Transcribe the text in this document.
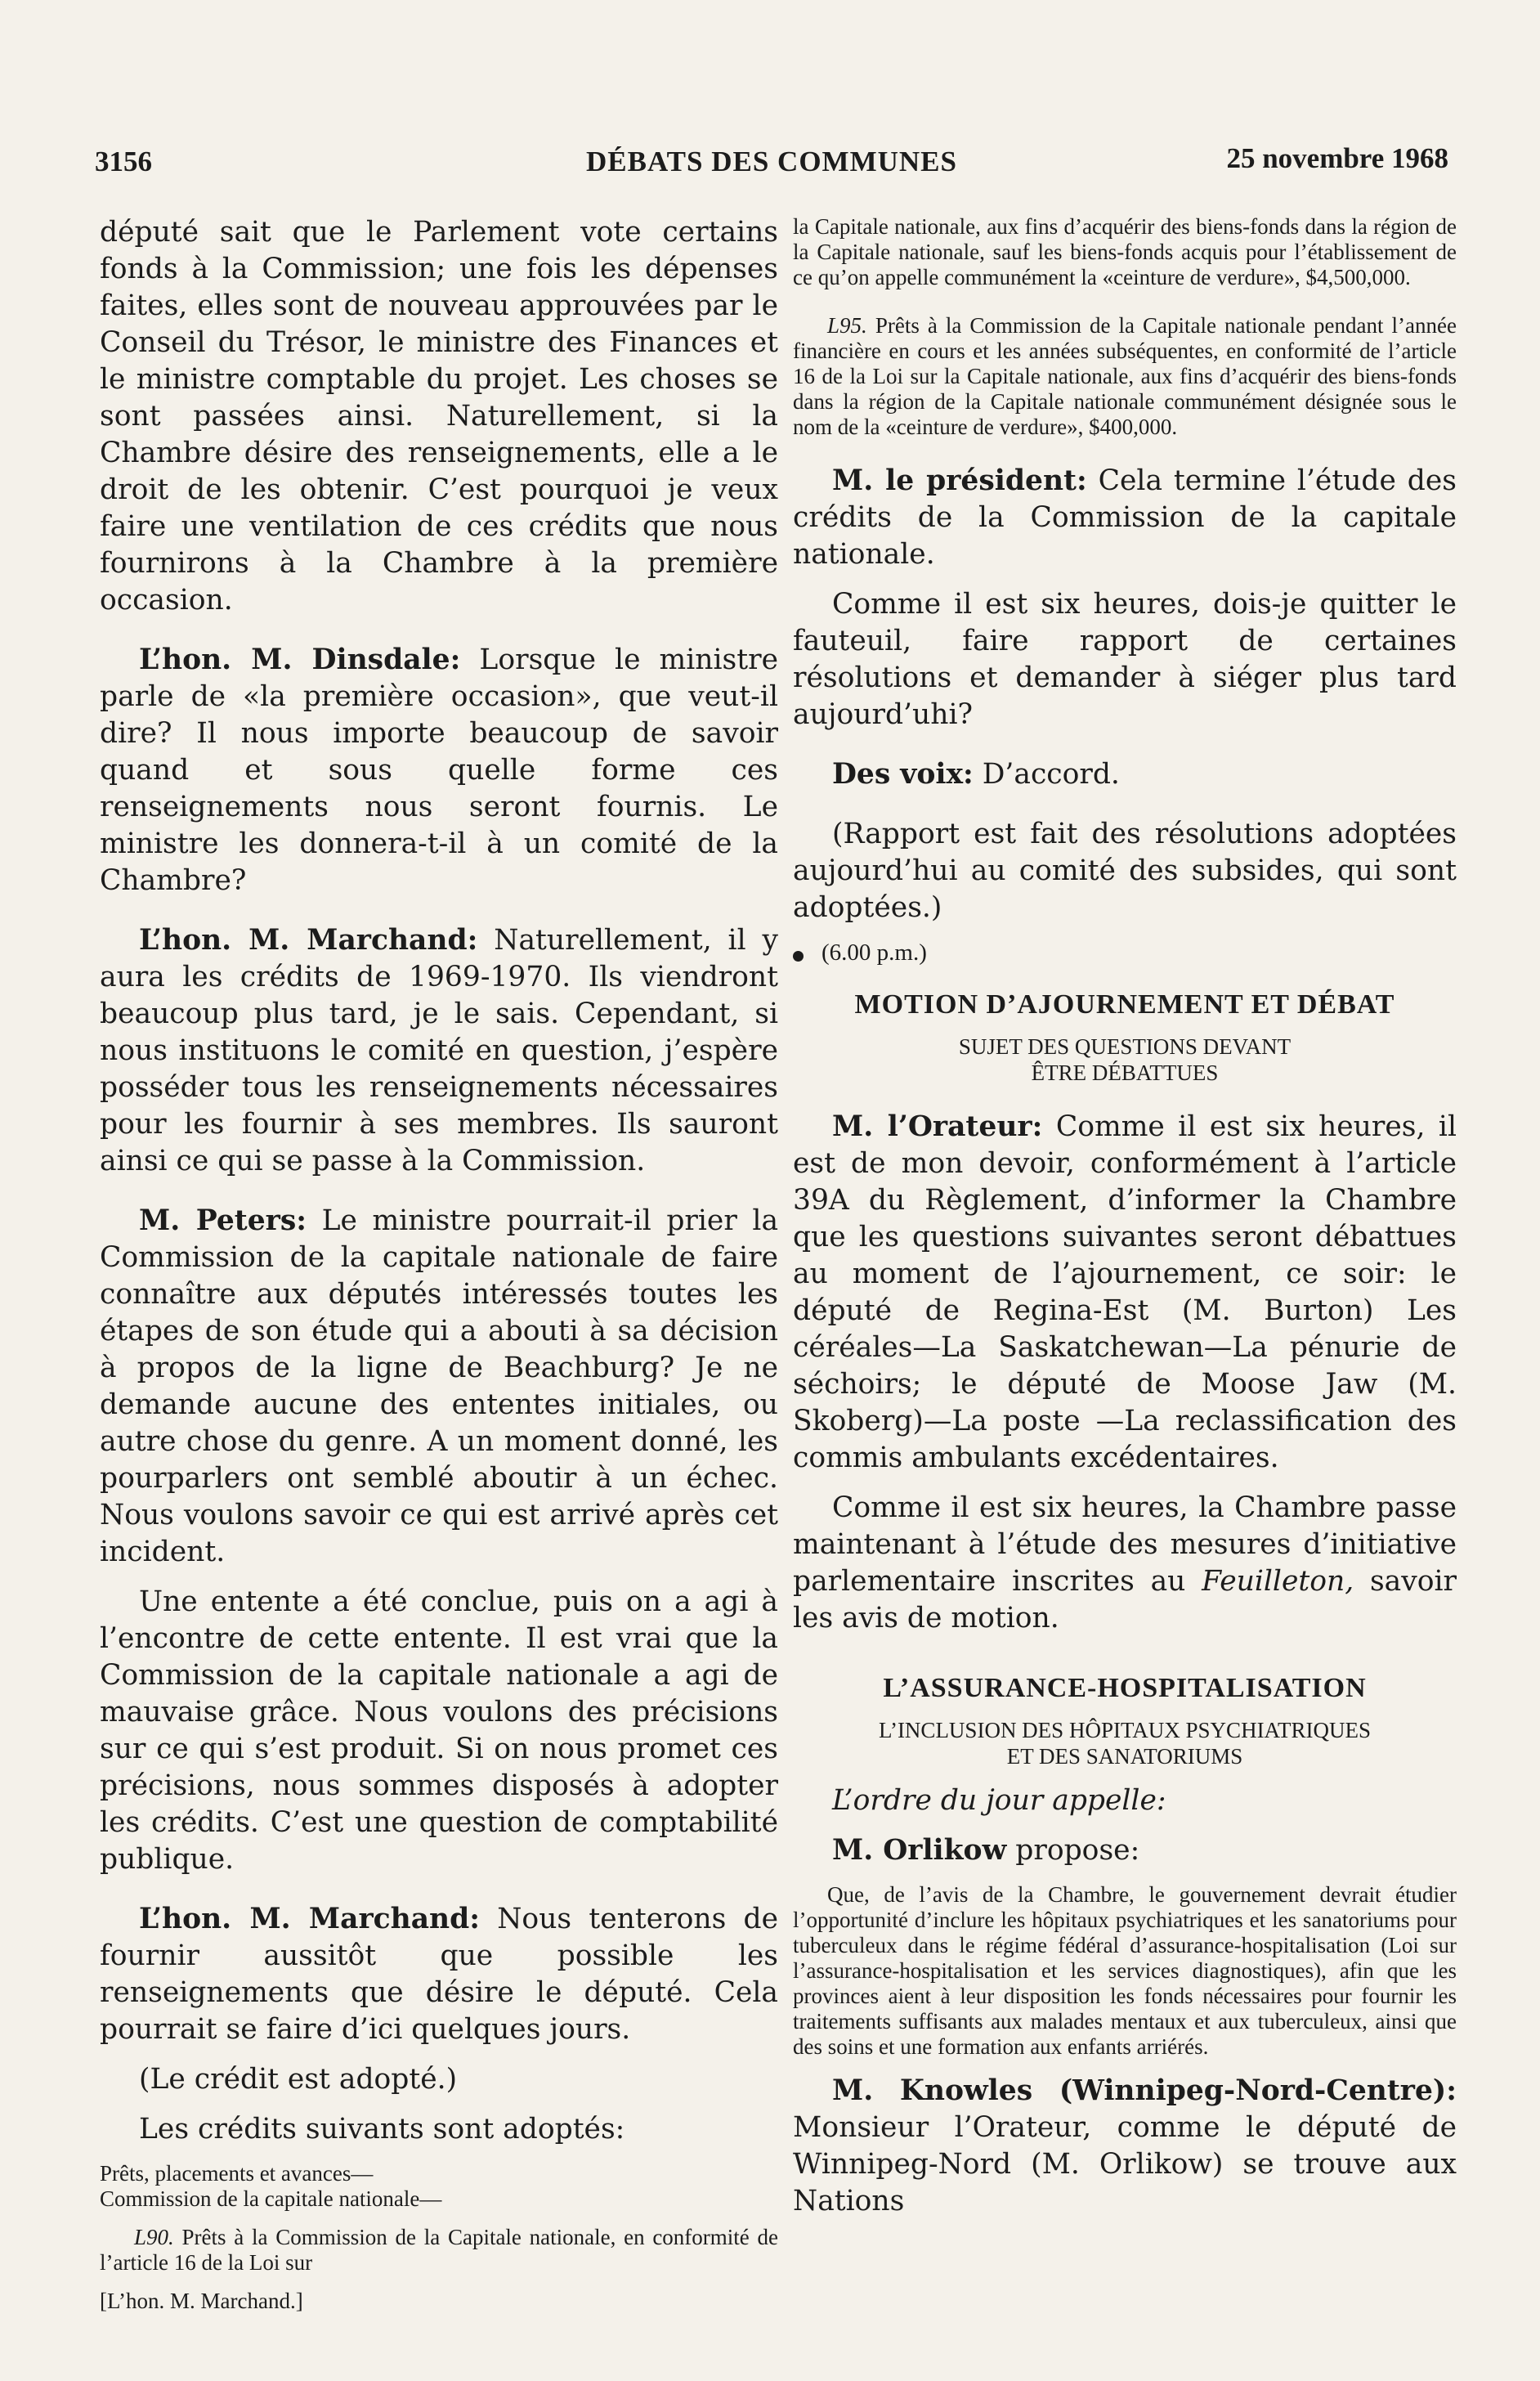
3156	DÉBATS DES COMMUNES	25 novembre 1968

député sait que le Parlement vote certains fonds à la Commission; une fois les dépenses faites, elles sont de nouveau approuvées par le Conseil du Trésor, le ministre des Finances et le ministre comptable du projet. Les choses se sont passées ainsi. Naturellement, si la Chambre désire des renseignements, elle a le droit de les obtenir. C’est pourquoi je veux faire une ventilation de ces crédits que nous fournirons à la Chambre à la première occasion.

L’hon. M. Dinsdale: Lorsque le ministre parle de «la première occasion», que veut-il dire? Il nous importe beaucoup de savoir quand et sous quelle forme ces renseignements nous seront fournis. Le ministre les donnera-t-il à un comité de la Chambre?

L’hon. M. Marchand: Naturellement, il y aura les crédits de 1969-1970. Ils viendront beaucoup plus tard, je le sais. Cependant, si nous instituons le comité en question, j’espère posséder tous les renseignements nécessaires pour les fournir à ses membres. Ils sauront ainsi ce qui se passe à la Commission.

M. Peters: Le ministre pourrait-il prier la Commission de la capitale nationale de faire connaître aux députés intéressés toutes les étapes de son étude qui a abouti à sa décision à propos de la ligne de Beachburg? Je ne demande aucune des ententes initiales, ou autre chose du genre. A un moment donné, les pourparlers ont semblé aboutir à un échec. Nous voulons savoir ce qui est arrivé après cet incident.

Une entente a été conclue, puis on a agi à l’encontre de cette entente. Il est vrai que la Commission de la capitale nationale a agi de mauvaise grâce. Nous voulons des précisions sur ce qui s’est produit. Si on nous promet ces précisions, nous sommes disposés à adopter les crédits. C’est une question de comptabilité publique.

L’hon. M. Marchand: Nous tenterons de fournir aussitôt que possible les renseignements que désire le député. Cela pourrait se faire d’ici quelques jours.

(Le crédit est adopté.)

Les crédits suivants sont adoptés:

Prêts, placements et avances—

Commission de la capitale nationale—

L90. Prêts à la Commission de la Capitale nationale, en conformité de l’article 16 de la Loi sur

[L’hon. M. Marchand.]

la Capitale nationale, aux fins d’acquérir des biens-fonds dans la région de la Capitale nationale, sauf les biens-fonds acquis pour l’établissement de ce qu’on appelle communément la «ceinture de verdure», $4,500,000.

L95. Prêts à la Commission de la Capitale nationale pendant l’année financière en cours et les années subséquentes, en conformité de l’article 16 de la Loi sur la Capitale nationale, aux fins d’acquérir des biens-fonds dans la région de la Capitale nationale communément désignée sous le nom de la «ceinture de verdure», $400,000.

M. le président: Cela termine l’étude des crédits de la Commission de la capitale nationale.

Comme il est six heures, dois-je quitter le fauteuil, faire rapport de certaines résolutions et demander à siéger plus tard aujourd’uhi?

Des voix: D’accord.

(Rapport est fait des résolutions adoptées aujourd’hui au comité des subsides, qui sont adoptées.)

(6.00 p.m.)

MOTION D’AJOURNEMENT ET DÉBAT

SUJET DES QUESTIONS DEVANT

ÊTRE DÉBATTUES

M. l’Orateur: Comme il est six heures, il est de mon devoir, conformément à l’article 39A du Règlement, d’informer la Chambre que les questions suivantes seront débattues au moment de l’ajournement, ce soir: le député de Regina-Est (M. Burton) Les céréales—La Saskatchewan—La pénurie de séchoirs; le député de Moose Jaw (M. Skoberg)—La poste —La reclassification des commis ambulants excédentaires.

Comme il est six heures, la Chambre passe maintenant à l’étude des mesures d’initiative parlementaire inscrites au Feuilleton, savoir les avis de motion.

L’ASSURANCE-HOSPITALISATION

L’INCLUSION DES HÔPITAUX PSYCHIATRIQUES

ET DES SANATORIUMS

L’ordre du jour appelle:

M. Orlikow propose:

Que, de l’avis de la Chambre, le gouvernement devrait étudier l’opportunité d’inclure les hôpitaux psychiatriques et les sanatoriums pour tuberculeux dans le régime fédéral d’assurance-hospitalisation (Loi sur l’assurance-hospitalisation et les services diagnostiques), afin que les provinces aient à leur disposition les fonds nécessaires pour fournir les traitements suffisants aux malades mentaux et aux tuberculeux, ainsi que des soins et une formation aux enfants arriérés.

M. Knowles (Winnipeg-Nord-Centre): Monsieur l’Orateur, comme le député de Winnipeg-Nord (M. Orlikow) se trouve aux Nations
